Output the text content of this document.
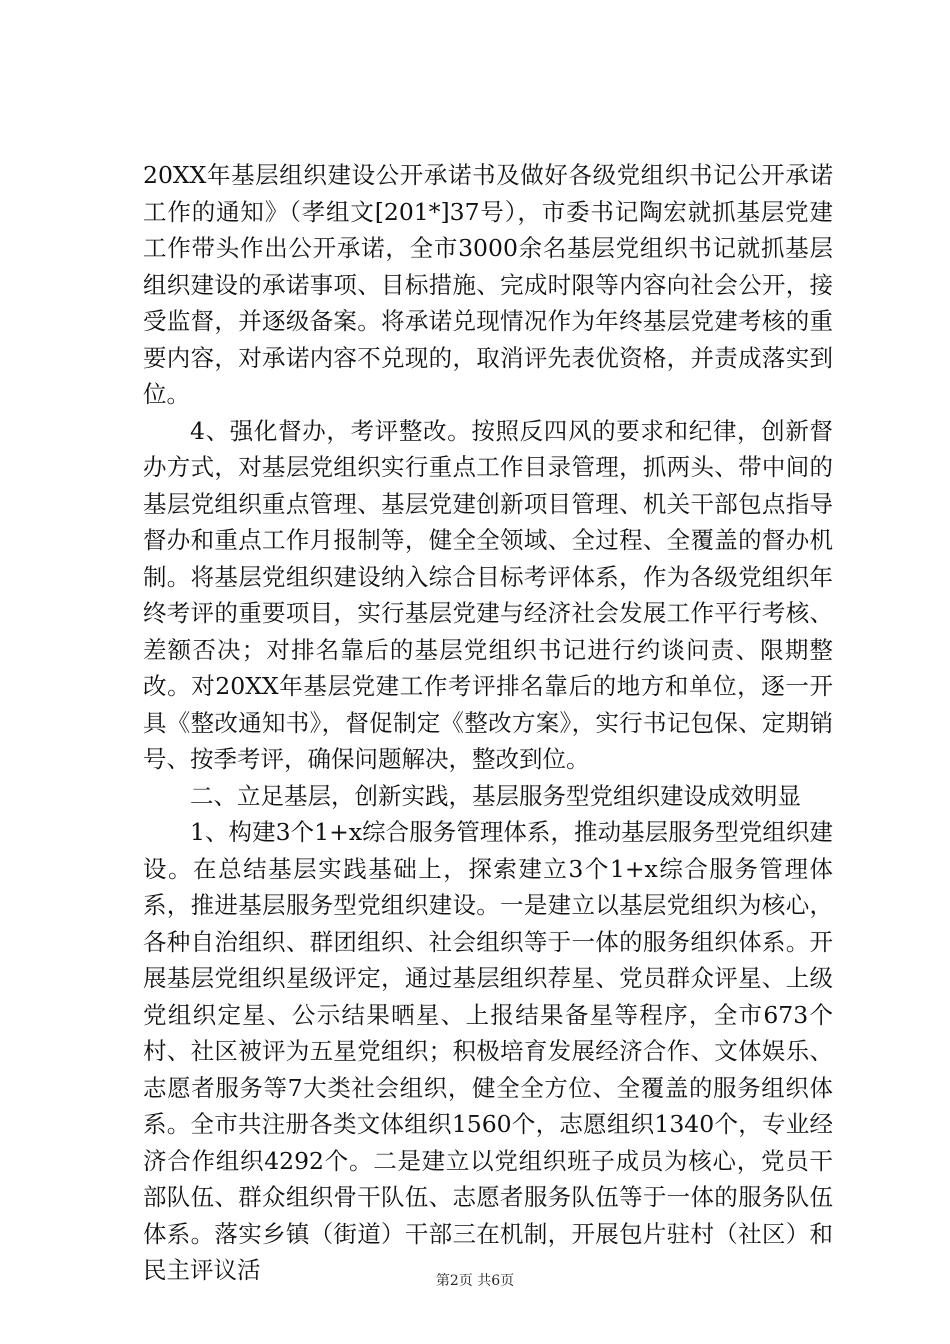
20XX年基层组织建设公开承诺书及做好各级党组织书记公开承诺工作的通知》（孝组文[201*]37号），市委书记陶宏就抓基层党建工作带头作出公开承诺，全市3000余名基层党组织书记就抓基层组织建设的承诺事项、目标措施、完成时限等内容向社会公开，接受监督，并逐级备案。将承诺兑现情况作为年终基层党建考核的重要内容，对承诺内容不兑现的，取消评先表优资格，并责成落实到位。

4、强化督办，考评整改。按照反四风的要求和纪律，创新督办方式，对基层党组织实行重点工作目录管理，抓两头、带中间的基层党组织重点管理、基层党建创新项目管理、机关干部包点指导督办和重点工作月报制等，健全全领域、全过程、全覆盖的督办机制。将基层党组织建设纳入综合目标考评体系，作为各级党组织年终考评的重要项目，实行基层党建与经济社会发展工作平行考核、差额否决；对排名靠后的基层党组织书记进行约谈问责、限期整改。对20XX年基层党建工作考评排名靠后的地方和单位，逐一开具《整改通知书》，督促制定《整改方案》，实行书记包保、定期销号、按季考评，确保问题解决，整改到位。

二、立足基层，创新实践，基层服务型党组织建设成效明显

1、构建3个1+x综合服务管理体系，推动基层服务型党组织建设。在总结基层实践基础上，探索建立3个1+x综合服务管理体系，推进基层服务型党组织建设。一是建立以基层党组织为核心，各种自治组织、群团组织、社会组织等于一体的服务组织体系。开展基层党组织星级评定，通过基层组织荐星、党员群众评星、上级党组织定星、公示结果晒星、上报结果备星等程序，全市673个村、社区被评为五星党组织；积极培育发展经济合作、文体娱乐、志愿者服务等7大类社会组织，健全全方位、全覆盖的服务组织体系。全市共注册各类文体组织1560个，志愿组织1340个，专业经济合作组织4292个。二是建立以党组织班子成员为核心，党员干部队伍、群众组织骨干队伍、志愿者服务队伍等于一体的服务队伍体系。落实乡镇（街道）干部三在机制，开展包片驻村（社区）和民主评议活	第2页 共6页
